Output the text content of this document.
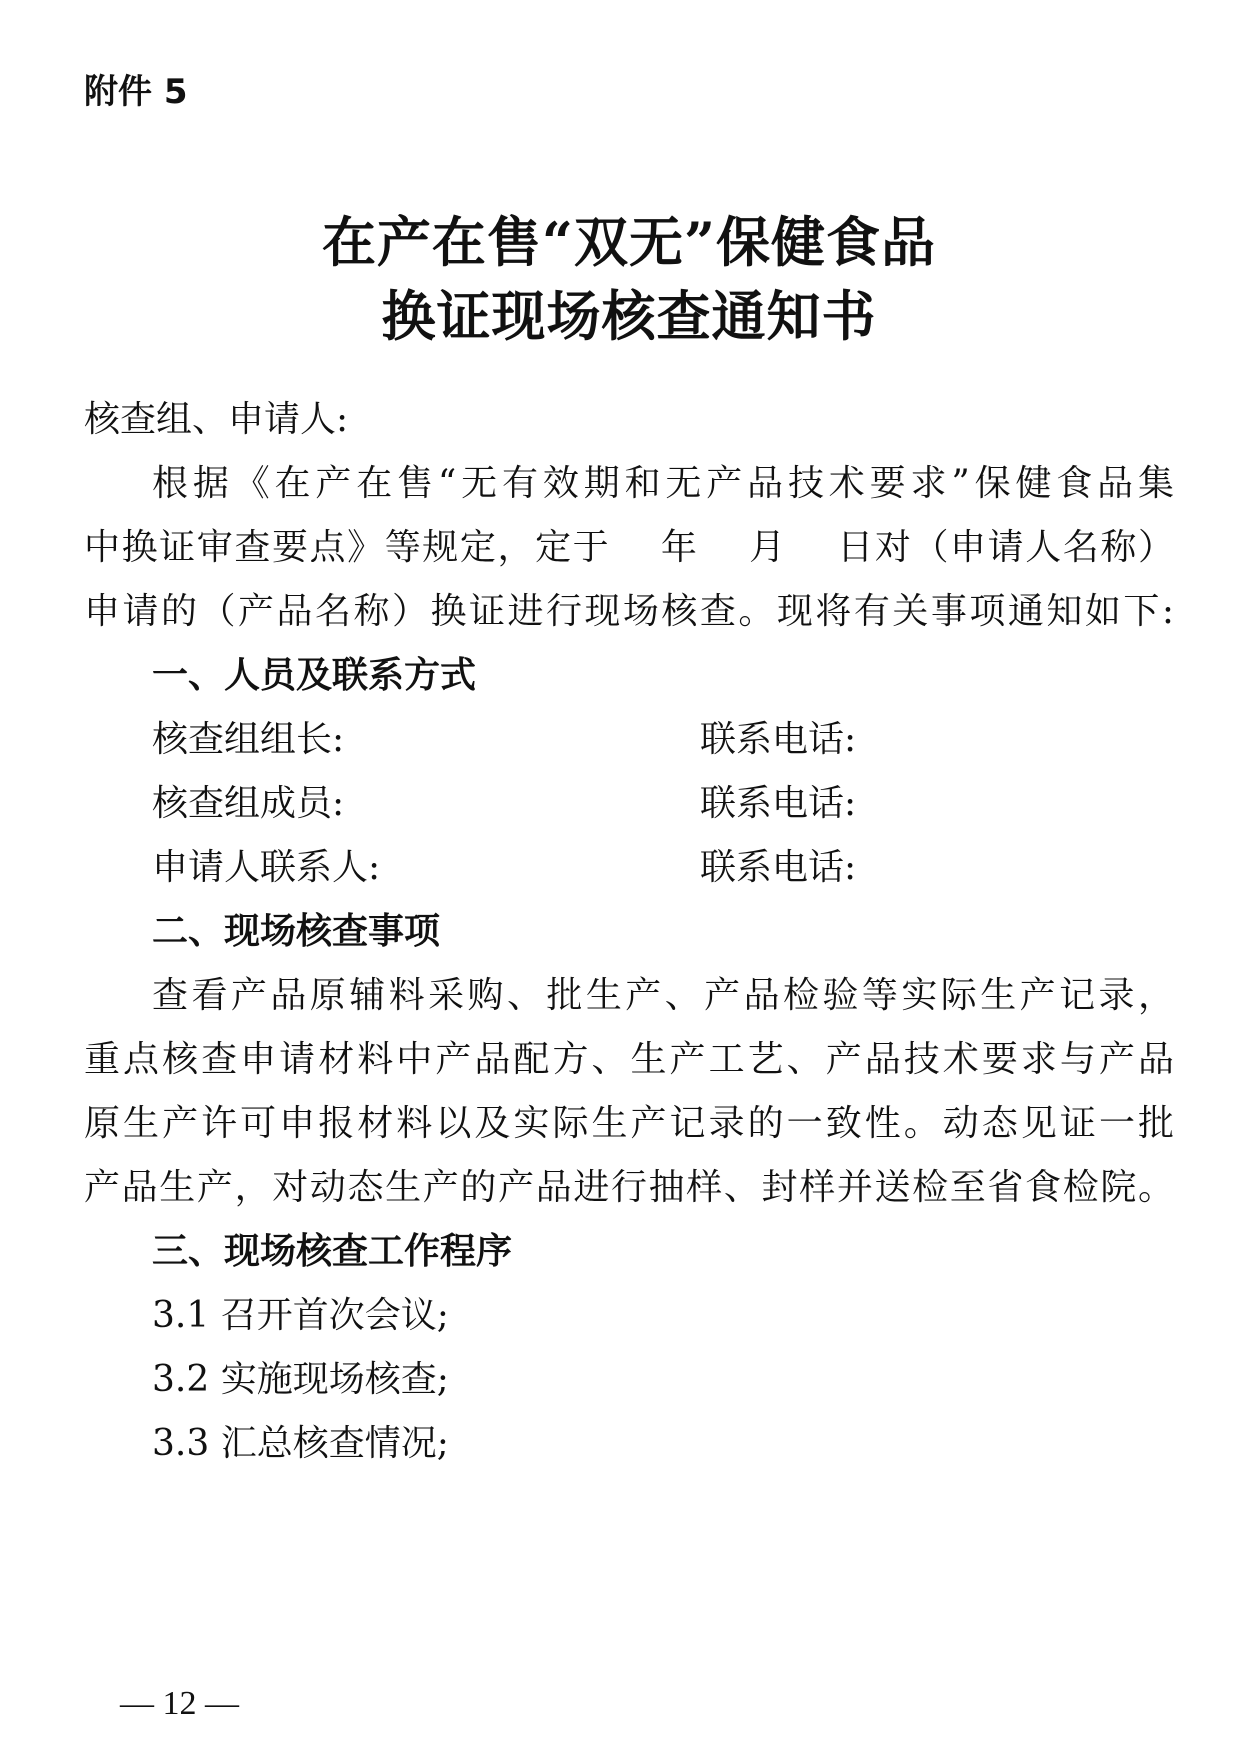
附件 5
在产在售“双无”保健食品
换证现场核查通知书
核查组、申请人:
根据《在产在售“无有效期和无产品技术要求”保健食品集
中换证审查要点》等规定，定于　 年　 月　 日对（申请人名称）
申请的（产品名称）换证进行现场核查。现将有关事项通知如下:
一、人员及联系方式
核查组组长:	联系电话:
核查组成员:	联系电话:
申请人联系人:	联系电话:
二、现场核查事项
查看产品原辅料采购、批生产、产品检验等实际生产记录，
重点核查申请材料中产品配方、生产工艺、产品技术要求与产品
原生产许可申报材料以及实际生产记录的一致性。动态见证一批
产品生产，对动态生产的产品进行抽样、封样并送检至省食检院。
三、现场核查工作程序
3.1 召开首次会议;
3.2 实施现场核查;
3.3 汇总核查情况;
— 12 —
